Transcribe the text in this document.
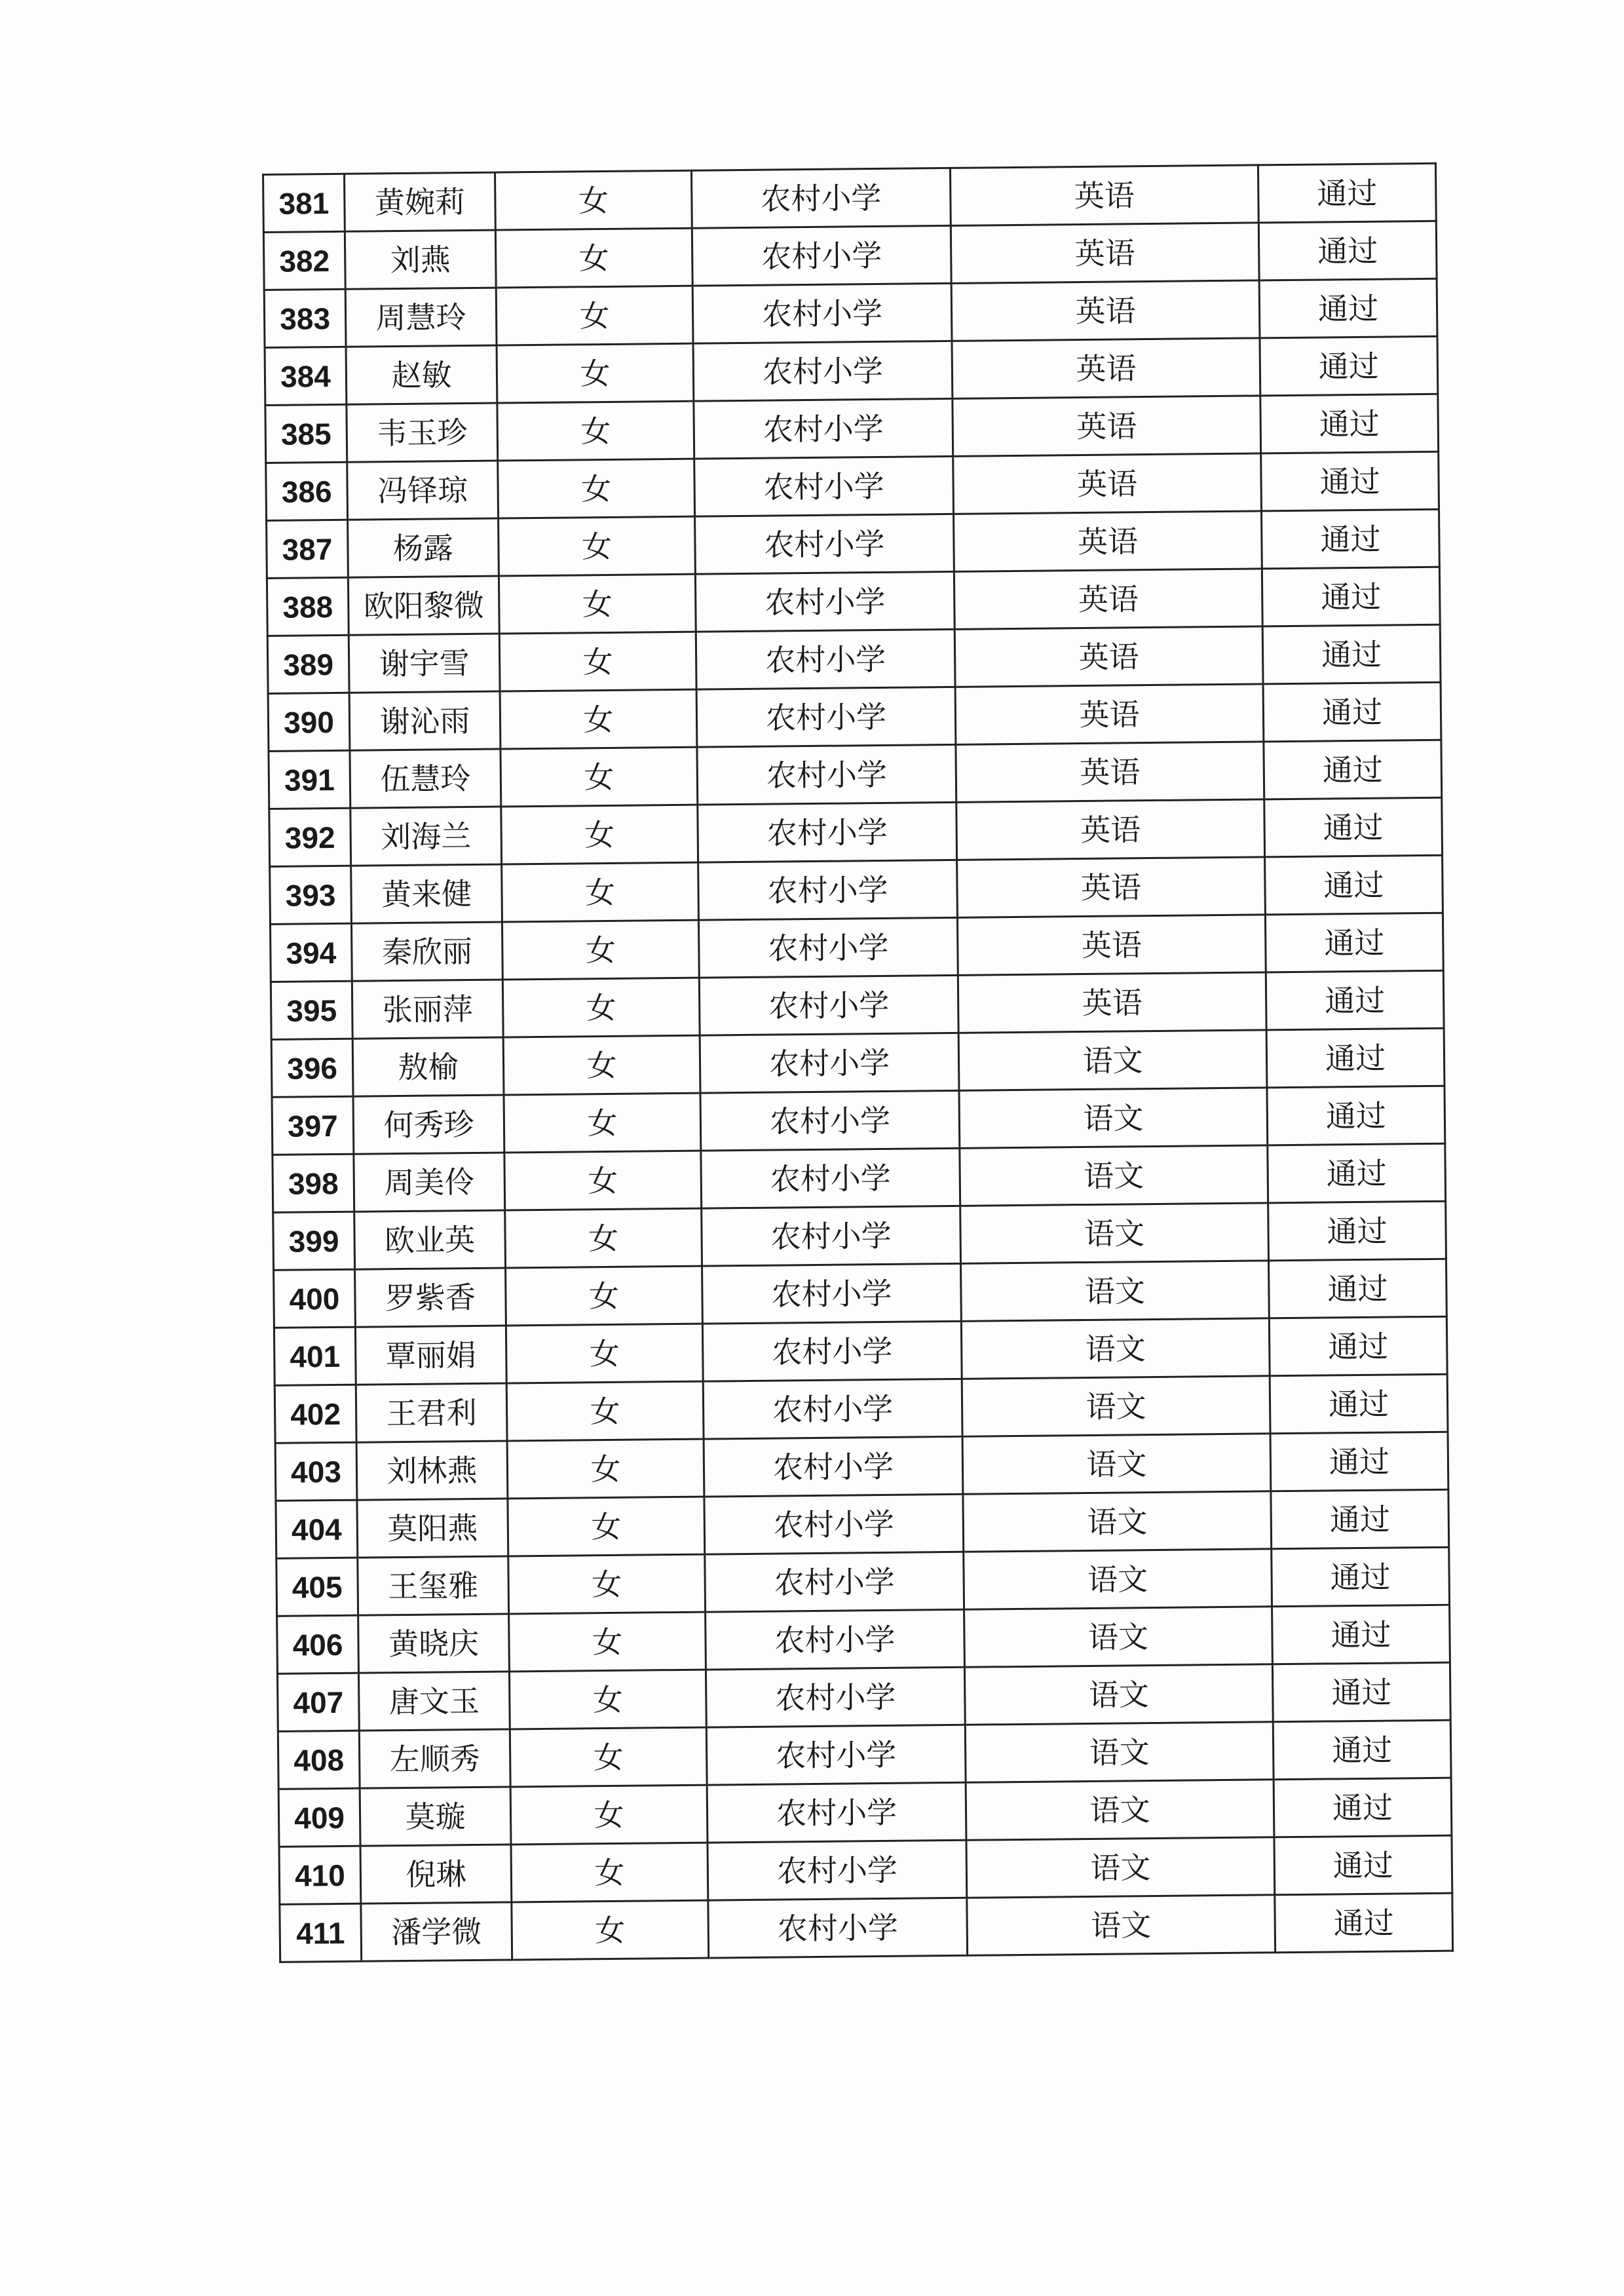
381	黄婉莉	女	农村小学	英语	通过
382	刘燕	女	农村小学	英语	通过
383	周慧玲	女	农村小学	英语	通过
384	赵敏	女	农村小学	英语	通过
385	韦玉珍	女	农村小学	英语	通过
386	冯铎琼	女	农村小学	英语	通过
387	杨露	女	农村小学	英语	通过
388	欧阳黎微	女	农村小学	英语	通过
389	谢宇雪	女	农村小学	英语	通过
390	谢沁雨	女	农村小学	英语	通过
391	伍慧玲	女	农村小学	英语	通过
392	刘海兰	女	农村小学	英语	通过
393	黄来健	女	农村小学	英语	通过
394	秦欣丽	女	农村小学	英语	通过
395	张丽萍	女	农村小学	英语	通过
396	敖榆	女	农村小学	语文	通过
397	何秀珍	女	农村小学	语文	通过
398	周美伶	女	农村小学	语文	通过
399	欧业英	女	农村小学	语文	通过
400	罗紫香	女	农村小学	语文	通过
401	覃丽娟	女	农村小学	语文	通过
402	王君利	女	农村小学	语文	通过
403	刘林燕	女	农村小学	语文	通过
404	莫阳燕	女	农村小学	语文	通过
405	王玺雅	女	农村小学	语文	通过
406	黄晓庆	女	农村小学	语文	通过
407	唐文玉	女	农村小学	语文	通过
408	左顺秀	女	农村小学	语文	通过
409	莫璇	女	农村小学	语文	通过
410	倪琳	女	农村小学	语文	通过
411	潘学微	女	农村小学	语文	通过
